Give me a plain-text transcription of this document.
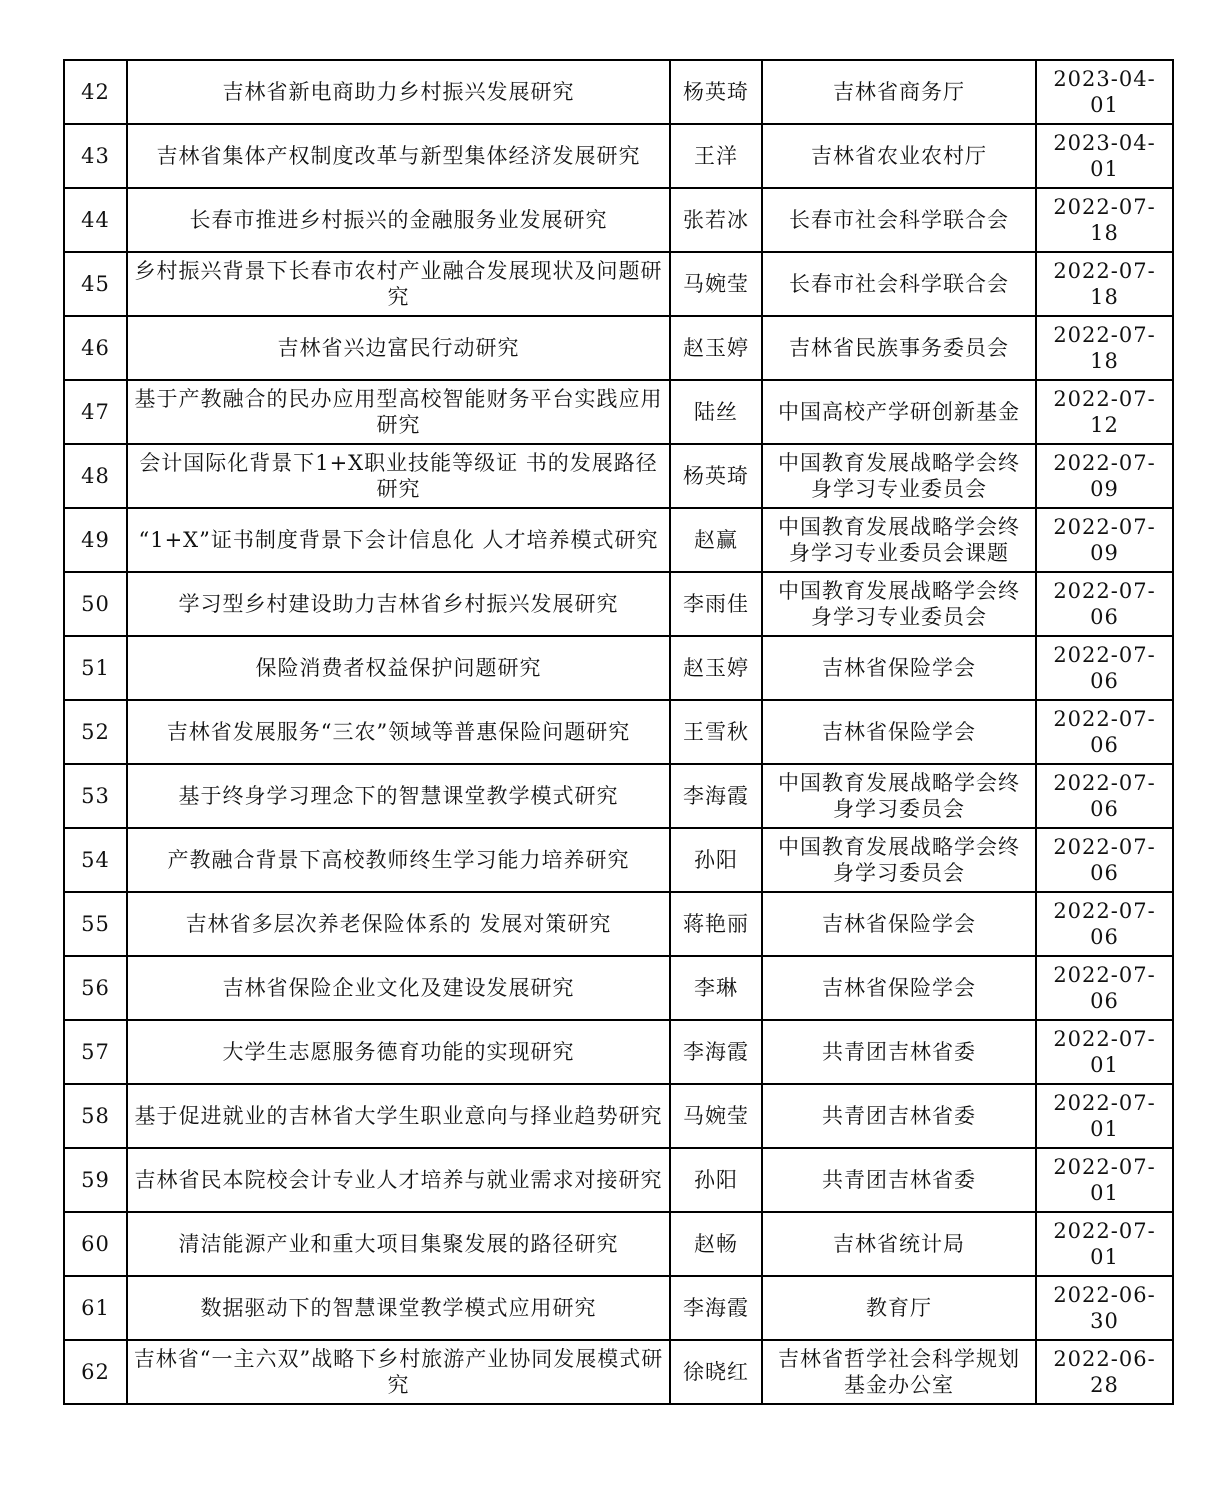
42	吉林省新电商助力乡村振兴发展研究	杨英琦	吉林省商务厅	2023-04-01
43	吉林省集体产权制度改革与新型集体经济发展研究	王洋	吉林省农业农村厅	2023-04-01
44	长春市推进乡村振兴的金融服务业发展研究	张若冰	长春市社会科学联合会	2022-07-18
45	乡村振兴背景下长春市农村产业融合发展现状及问题研究	马婉莹	长春市社会科学联合会	2022-07-18
46	吉林省兴边富民行动研究	赵玉婷	吉林省民族事务委员会	2022-07-18
47	基于产教融合的民办应用型高校智能财务平台实践应用研究	陆丝	中国高校产学研创新基金	2022-07-12
48	会计国际化背景下1+X职业技能等级证 书的发展路径研究	杨英琦	中国教育发展战略学会终身学习专业委员会	2022-07-09
49	“1+X”证书制度背景下会计信息化 人才培养模式研究	赵赢	中国教育发展战略学会终身学习专业委员会课题	2022-07-09
50	学习型乡村建设助力吉林省乡村振兴发展研究	李雨佳	中国教育发展战略学会终身学习专业委员会	2022-07-06
51	保险消费者权益保护问题研究	赵玉婷	吉林省保险学会	2022-07-06
52	吉林省发展服务“三农”领域等普惠保险问题研究	王雪秋	吉林省保险学会	2022-07-06
53	基于终身学习理念下的智慧课堂教学模式研究	李海霞	中国教育发展战略学会终身学习委员会	2022-07-06
54	产教融合背景下高校教师终生学习能力培养研究	孙阳	中国教育发展战略学会终身学习委员会	2022-07-06
55	吉林省多层次养老保险体系的 发展对策研究	蒋艳丽	吉林省保险学会	2022-07-06
56	吉林省保险企业文化及建设发展研究	李琳	吉林省保险学会	2022-07-06
57	大学生志愿服务德育功能的实现研究	李海霞	共青团吉林省委	2022-07-01
58	基于促进就业的吉林省大学生职业意向与择业趋势研究	马婉莹	共青团吉林省委	2022-07-01
59	吉林省民本院校会计专业人才培养与就业需求对接研究	孙阳	共青团吉林省委	2022-07-01
60	清洁能源产业和重大项目集聚发展的路径研究	赵畅	吉林省统计局	2022-07-01
61	数据驱动下的智慧课堂教学模式应用研究	李海霞	教育厅	2022-06-30
62	吉林省“一主六双”战略下乡村旅游产业协同发展模式研究	徐晓红	吉林省哲学社会科学规划基金办公室	2022-06-28
